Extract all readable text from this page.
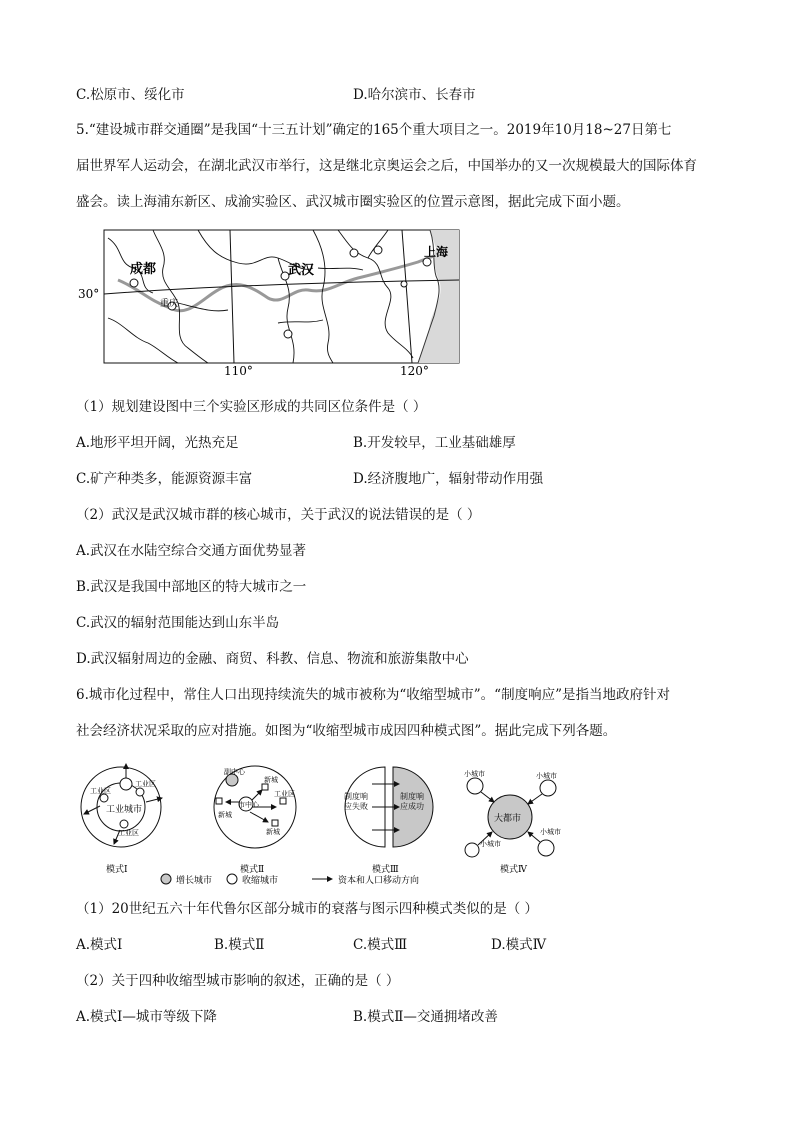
C.松原市、绥化市	D.哈尔滨市、长春市
5.“建设城市群交通圈”是我国“十三五计划”确定的165个重大项目之一。2019年10月18~27日第七
届世界军人运动会，在湖北武汉市举行，这是继北京奥运会之后，中国举办的又一次规模最大的国际体育
盛会。读上海浦东新区、成渝实验区、武汉城市圈实验区的位置示意图，据此完成下面小题。
成都	武汉
上海
重庆
30°
110°	120°
（1）规划建设图中三个实验区形成的共同区位条件是（ ）
A.地形平坦开阔，光热充足	B.开发较早，工业基础雄厚
C.矿产种类多，能源资源丰富	D.经济腹地广，辐射带动作用强
（2）武汉是武汉城市群的核心城市，关于武汉的说法错误的是（ ）
A.武汉在水陆空综合交通方面优势显著
B.武汉是我国中部地区的特大城市之一
C.武汉的辐射范围能达到山东半岛
D.武汉辐射周边的金融、商贸、科教、信息、物流和旅游集散中心
6.城市化过程中，常住人口出现持续流失的城市被称为“收缩型城市”。“制度响应”是指当地政府针对
社会经济状况采取的应对措施。如图为“收缩型城市成因四种模式图”。据此完成下列各题。
工业区
工业区
工业区
工业城市
模式Ⅰ
副中心
新城
市中心
工业区
新城
新城
模式Ⅱ
制度响应失败
制度响应成功
模式Ⅲ
小城市	小城市
小城市
小城市
大都市
模式Ⅳ
增长城市	收缩城市	资本和人口移动方向
（1）20世纪五六十年代鲁尔区部分城市的衰落与图示四种模式类似的是（ ）
A.模式Ⅰ	B.模式Ⅱ	C.模式Ⅲ	D.模式Ⅳ
（2）关于四种收缩型城市影响的叙述，正确的是（ ）
A.模式Ⅰ—城市等级下降	B.模式Ⅱ—交通拥堵改善
